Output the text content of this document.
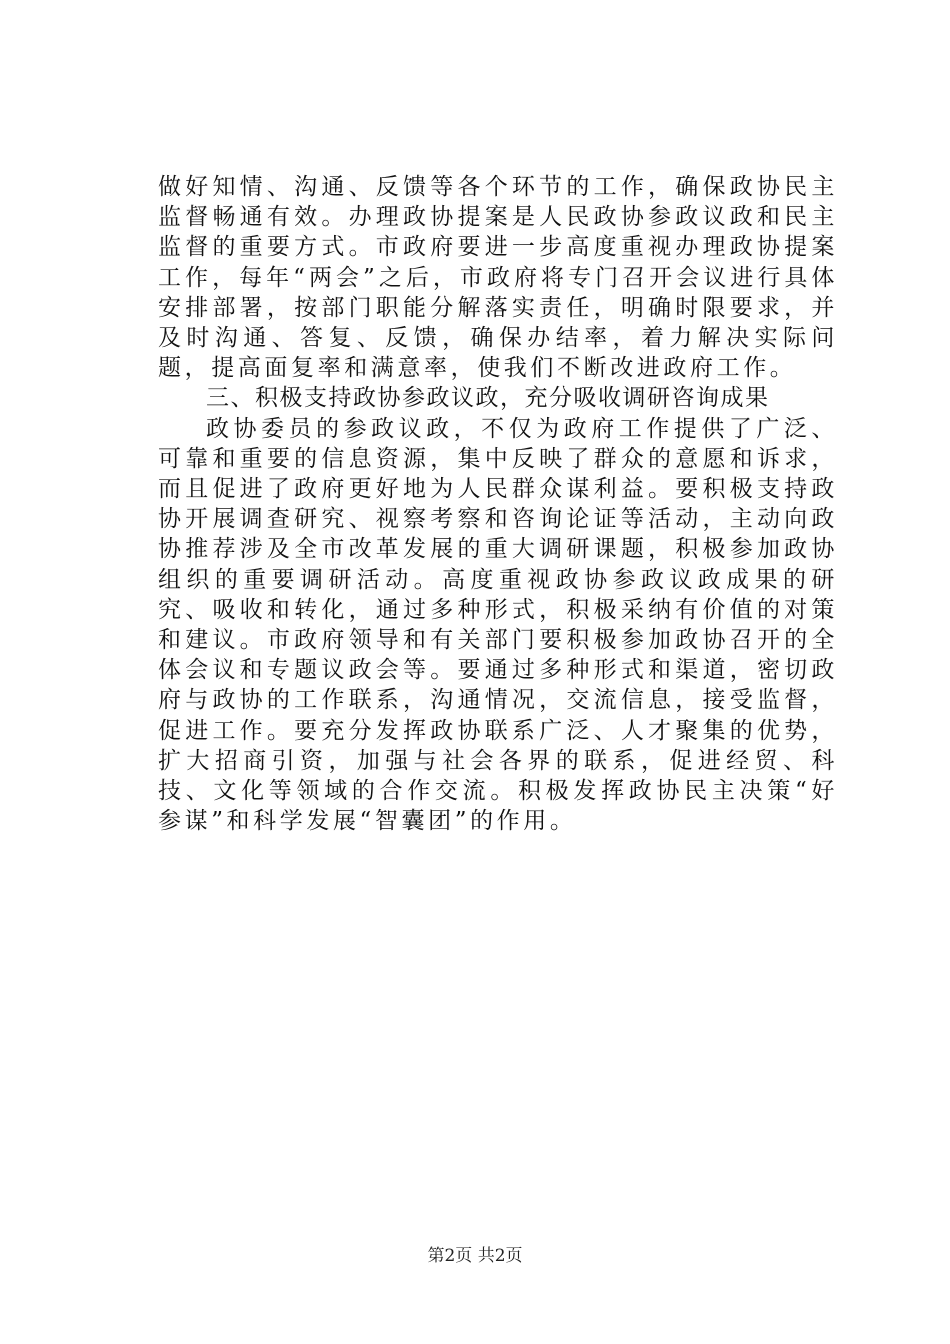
做好知情、沟通、反馈等各个环节的工作，确保政协民主监督畅通有效。办理政协提案是人民政协参政议政和民主监督的重要方式。市政府要进一步高度重视办理政协提案工作，每年“两会”之后，市政府将专门召开会议进行具体安排部署，按部门职能分解落实责任，明确时限要求，并及时沟通、答复、反馈，确保办结率，着力解决实际问题，提高面复率和满意率，使我们不断改进政府工作。

三、积极支持政协参政议政，充分吸收调研咨询成果

政协委员的参政议政，不仅为政府工作提供了广泛、可靠和重要的信息资源，集中反映了群众的意愿和诉求，而且促进了政府更好地为人民群众谋利益。要积极支持政协开展调查研究、视察考察和咨询论证等活动，主动向政协推荐涉及全市改革发展的重大调研课题，积极参加政协组织的重要调研活动。高度重视政协参政议政成果的研究、吸收和转化，通过多种形式，积极采纳有价值的对策和建议。市政府领导和有关部门要积极参加政协召开的全体会议和专题议政会等。要通过多种形式和渠道，密切政府与政协的工作联系，沟通情况，交流信息，接受监督，促进工作。要充分发挥政协联系广泛、人才聚集的优势，扩大招商引资，加强与社会各界的联系，促进经贸、科技、文化等领域的合作交流。积极发挥政协民主决策“好参谋”和科学发展“智囊团”的作用。

第2页 共2页
